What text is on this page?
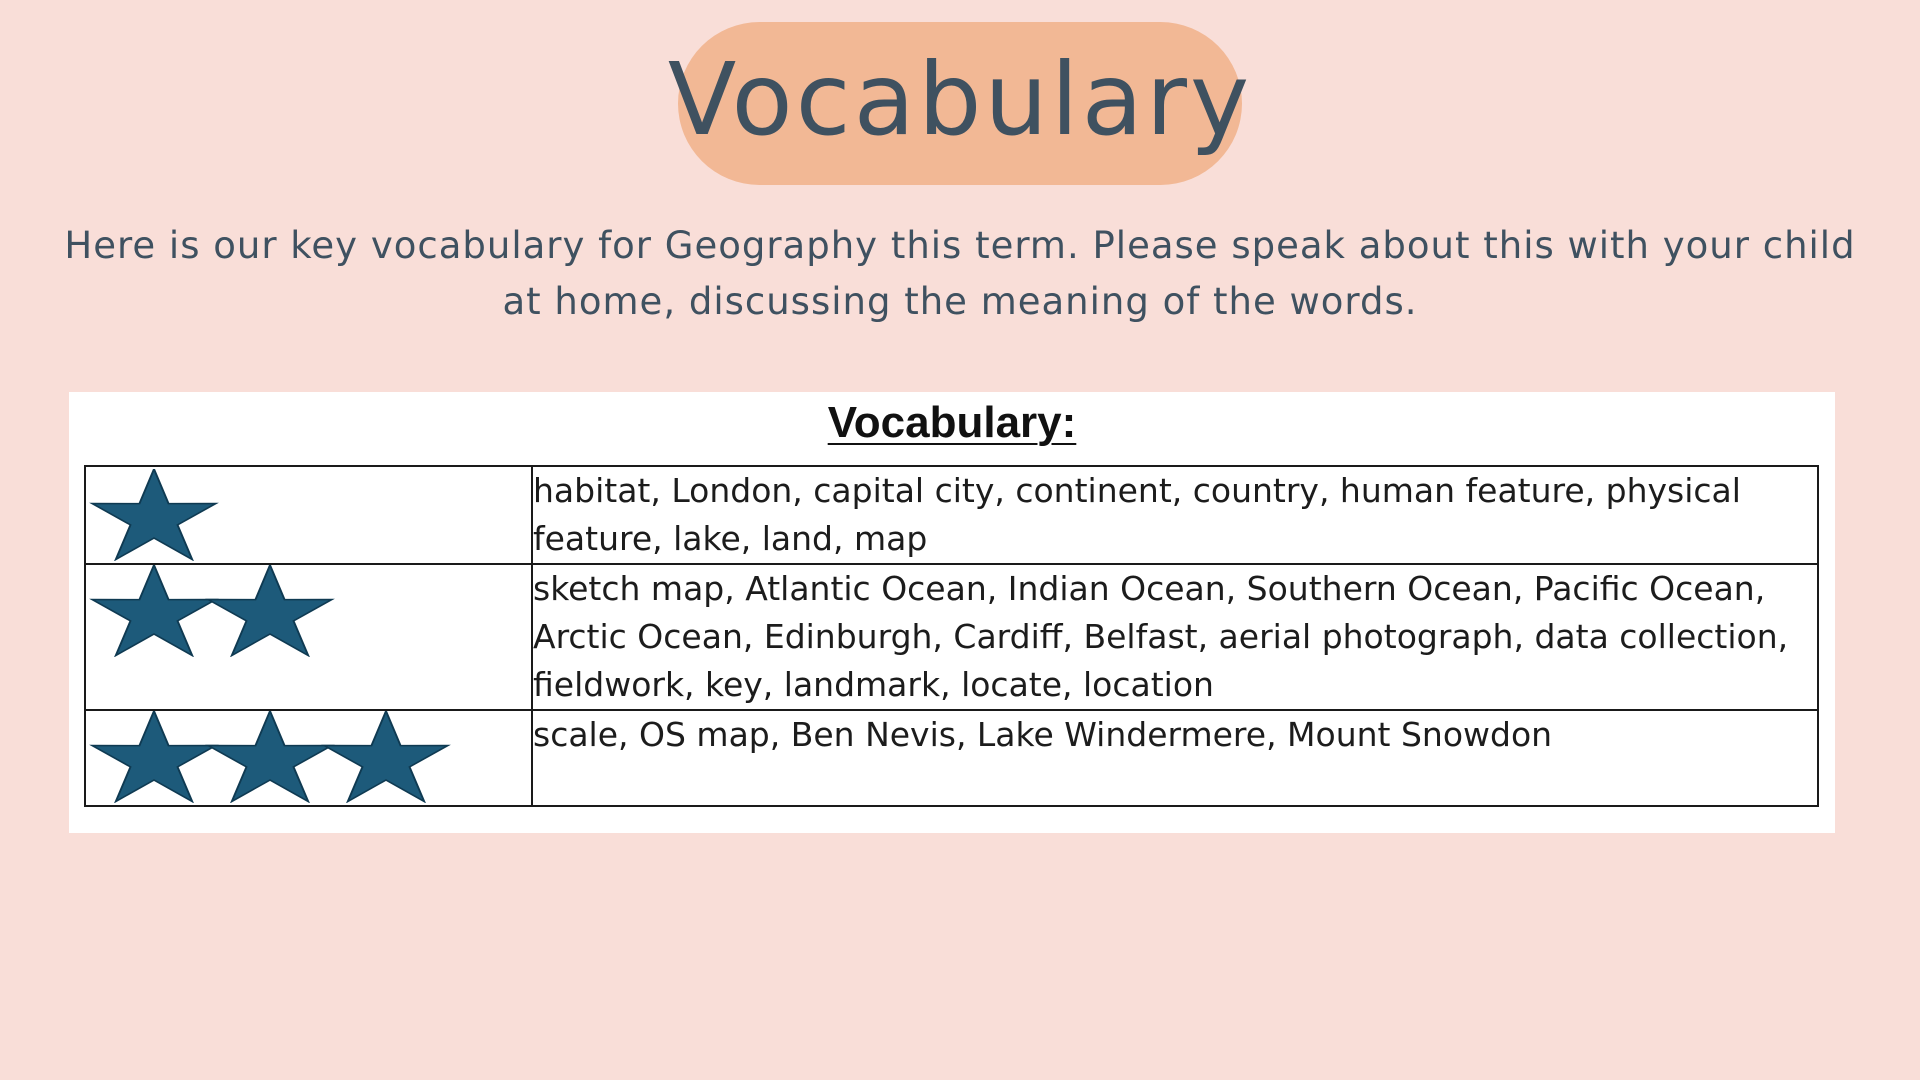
Vocabulary
Here is our key vocabulary for Geography this term. Please speak about this with your child at home, discussing the meaning of the words.
Vocabulary:
	habitat, London, capital city, continent, country, human feature, physical feature, lake, land, map

	sketch map, Atlantic Ocean, Indian Ocean, Southern Ocean, Pacific Ocean, Arctic Ocean, Edinburgh, Cardiff, Belfast, aerial photograph, data collection, fieldwork, key, landmark, locate, location

	scale, OS map, Ben Nevis, Lake Windermere, Mount Snowdon
